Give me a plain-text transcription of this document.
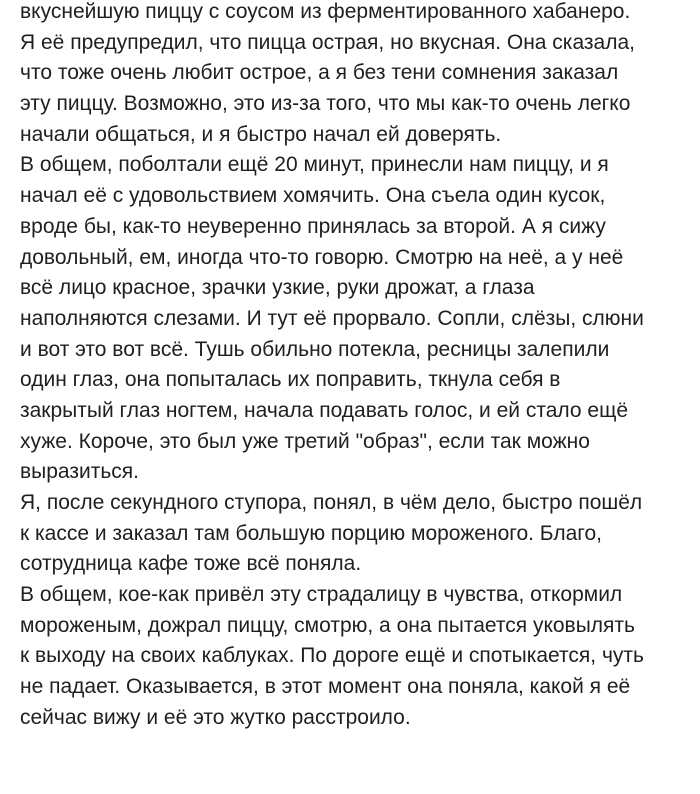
вкуснейшую пиццу с соусом из ферментированного хабанеро.
Я её предупредил, что пицца острая, но вкусная. Она сказала,
что тоже очень любит острое, а я без тени сомнения заказал
эту пиццу. Возможно, это из-за того, что мы как-то очень легко
начали общаться, и я быстро начал ей доверять.
В общем, поболтали ещё 20 минут, принесли нам пиццу, и я
начал её с удовольствием хомячить. Она съела один кусок,
вроде бы, как-то неуверенно принялась за второй. А я сижу
довольный, ем, иногда что-то говорю. Смотрю на неё, а у неё
всё лицо красное, зрачки узкие, руки дрожат, а глаза
наполняются слезами. И тут её прорвало. Сопли, слёзы, слюни
и вот это вот всё. Тушь обильно потекла, ресницы залепили
один глаз, она попыталась их поправить, ткнула себя в
закрытый глаз ногтем, начала подавать голос, и ей стало ещё
хуже. Короче, это был уже третий "образ", если так можно
выразиться.
Я, после секундного ступора, понял, в чём дело, быстро пошёл
к кассе и заказал там большую порцию мороженого. Благо,
сотрудница кафе тоже всё поняла.
В общем, кое-как привёл эту страдалицу в чувства, откормил
мороженым, дожрал пиццу, смотрю, а она пытается уковылять
к выходу на своих каблуках. По дороге ещё и спотыкается, чуть
не падает. Оказывается, в этот момент она поняла, какой я её
сейчас вижу и её это жутко расстроило.
